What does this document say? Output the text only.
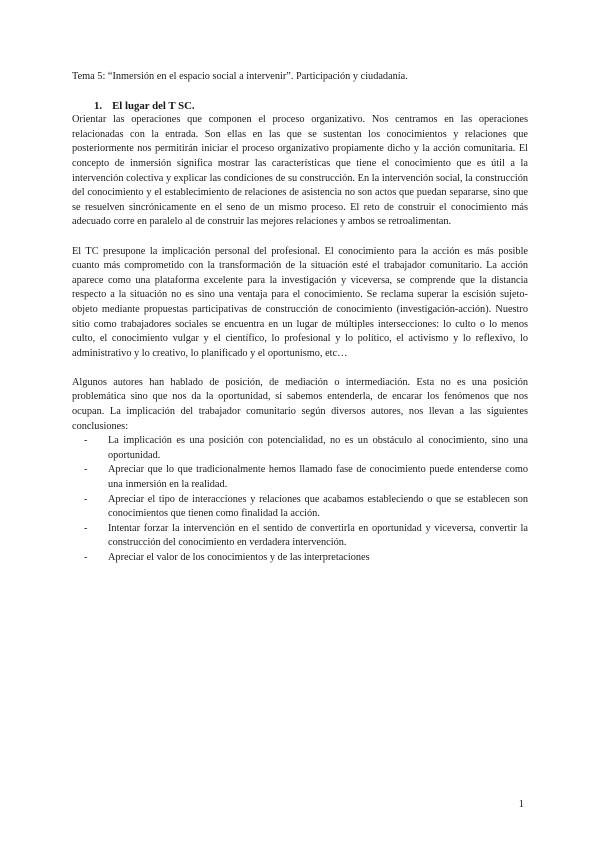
Tema 5: “Inmersión en el espacio social a intervenir”. Participación y ciudadanía.
1. El lugar del T SC.

Orientar las operaciones que componen el proceso organizativo. Nos centramos en las operaciones relacionadas con la entrada. Son ellas en las que se sustentan los conocimientos y relaciones que posteriormente nos permitirán iniciar el proceso organizativo propiamente dicho y la acción comunitaria. El concepto de inmersión significa mostrar las características que tiene el conocimiento que es útil a la intervención colectiva y explicar las condiciones de su construcción. En la intervención social, la construcción del conocimiento y el establecimiento de relaciones de asistencia no son actos que puedan separarse, sino que se resuelven sincrónicamente en el seno de un mismo proceso. El reto de construir el conocimiento más adecuado corre en paralelo al de construir las mejores relaciones y ambos se retroalimentan.

El TC presupone la implicación personal del profesional. El conocimiento para la acción es más posible cuanto más comprometido con la transformación de la situación esté el trabajador comunitario. La acción aparece como una plataforma excelente para la investigación y viceversa, se comprende que la distancia respecto a la situación no es sino una ventaja para el conocimiento. Se reclama superar la escisión sujeto-objeto mediante propuestas participativas de construcción de conocimiento (investigación-acción). Nuestro sitio como trabajadores sociales se encuentra en un lugar de múltiples intersecciones: lo culto o lo menos culto, el conocimiento vulgar y el científico, lo profesional y lo político, el activismo y lo reflexivo, lo administrativo y lo creativo, lo planificado y el oportunismo, etc…

Algunos autores han hablado de posición, de mediación o intermediación. Esta no es una posición problemática sino que nos da la oportunidad, si sabemos entenderla, de encarar los fenómenos que nos ocupan. La implicación del trabajador comunitario según diversos autores, nos llevan a las siguientes conclusiones:

- La implicación es una posición con potencialidad, no es un obstáculo al conocimiento, sino una oportunidad.
- Apreciar que lo que tradicionalmente hemos llamado fase de conocimiento puede entenderse como una inmersión en la realidad.
- Apreciar el tipo de interacciones y relaciones que acabamos estableciendo o que se establecen son conocimientos que tienen como finalidad la acción.
- Intentar forzar la intervención en el sentido de convertirla en oportunidad y viceversa, convertir la construcción del conocimiento en verdadera intervención.
- Apreciar el valor de los conocimientos y de las interpretaciones
1
